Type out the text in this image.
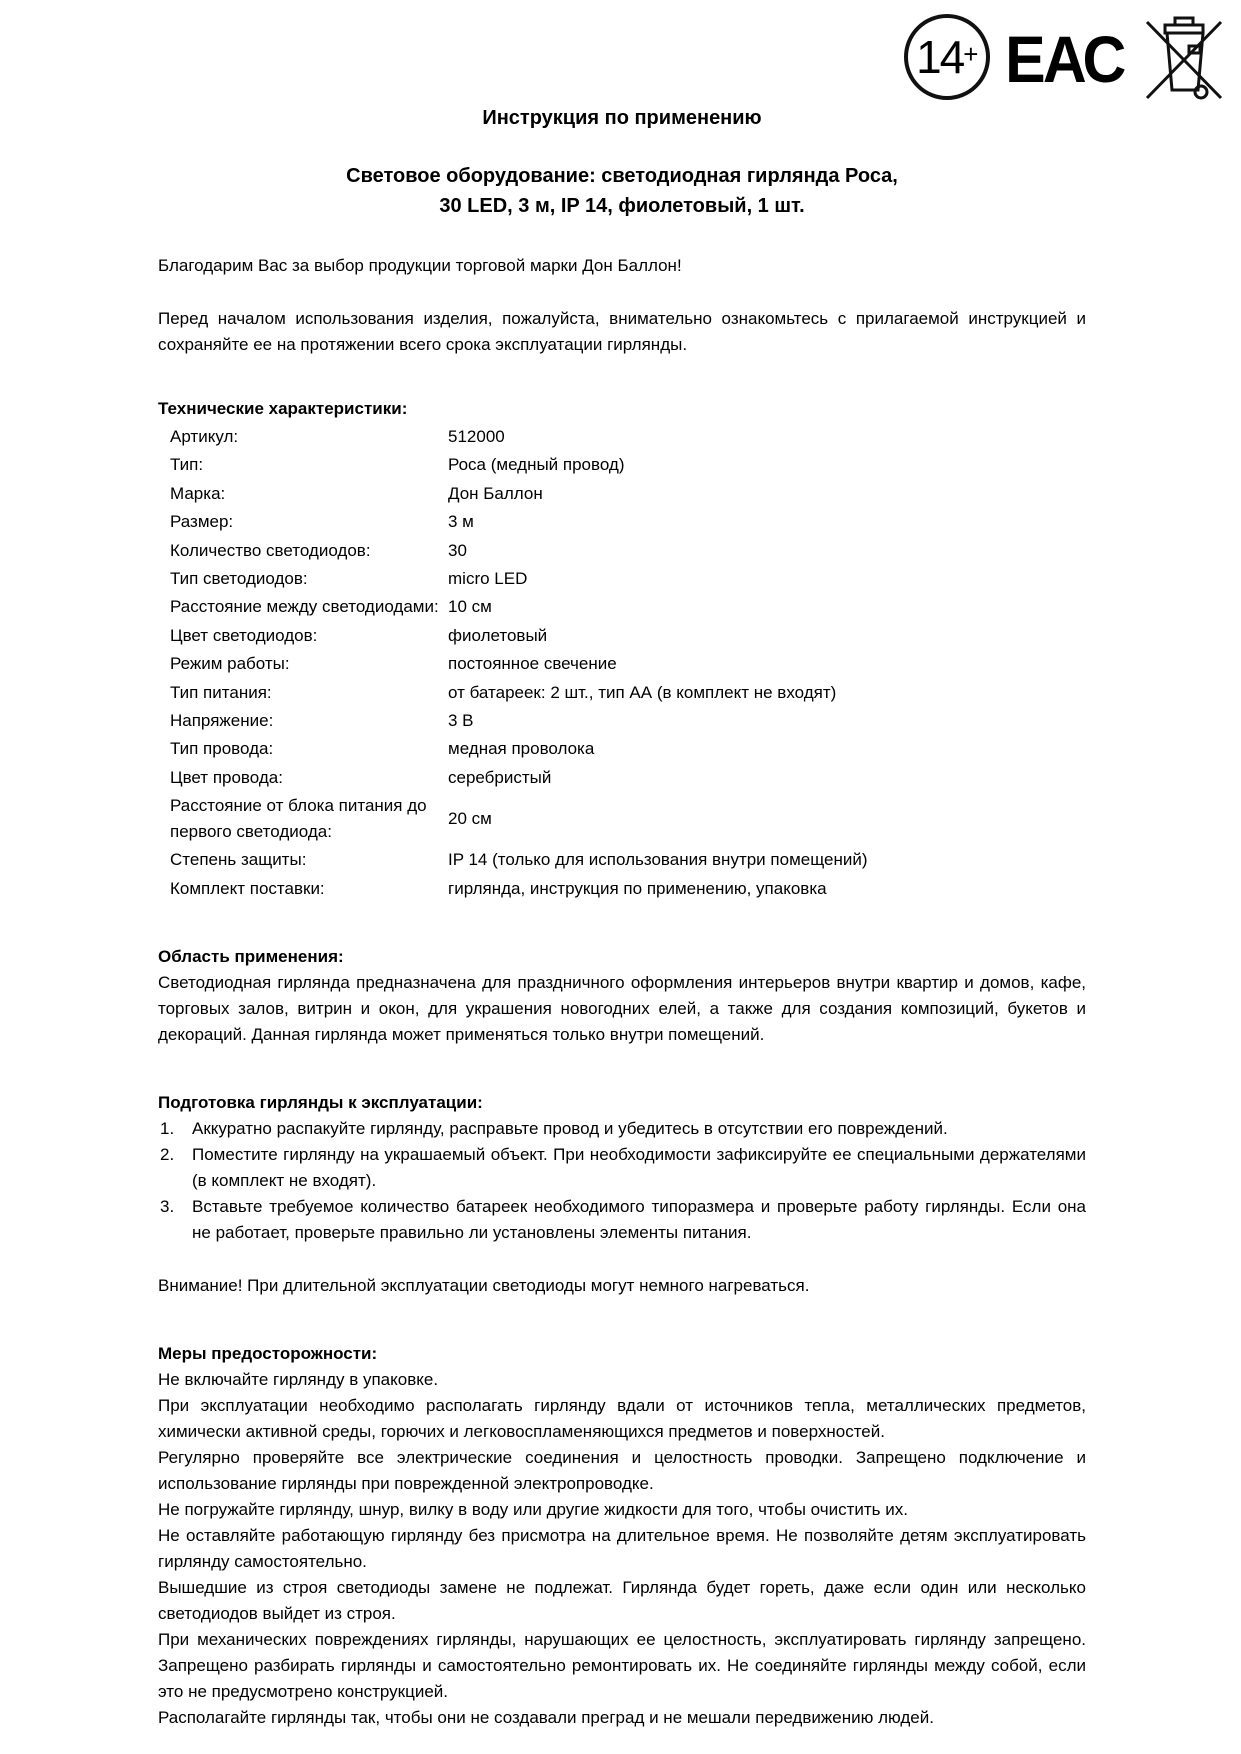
14 + ЕАС
Инструкция по применению
Световое оборудование: светодиодная гирлянда Роса,
30 LED, 3 м, IP 14, фиолетовый, 1 шт.

Благодарим Вас за выбор продукции торговой марки Дон Баллон!

Перед началом использования изделия, пожалуйста, внимательно ознакомьтесь с прилагаемой инструкцией и сохраняйте ее на протяжении всего срока эксплуатации гирлянды.

Технические характеристики:
Артикул:	512000
Тип:	Роса (медный провод)
Марка:	Дон Баллон
Размер:	3 м
Количество светодиодов:	30
Тип светодиодов:	micro LED
Расстояние между светодиодами: 10 см
Цвет светодиодов:	фиолетовый
Режим работы:	постоянное свечение
Тип питания:	от батареек: 2 шт., тип АА (в комплект не входят)
Напряжение:	3 В
Тип провода:	медная проволока
Цвет провода:	серебристый
Расстояние от блока питания до первого светодиода:
20 см
Степень защиты:	IP 14 (только для использования внутри помещений)
Комплект поставки:	гирлянда, инструкция по применению, упаковка
Область применения:

Светодиодная гирлянда предназначена для праздничного оформления интерьеров внутри квартир и домов, кафе, торговых залов, витрин и окон, для украшения новогодних елей, а также для создания композиций, букетов и декораций. Данная гирлянда может применяться только внутри помещений.

Подготовка гирлянды к эксплуатации:
Аккуратно распакуйте гирлянду, расправьте провод и убедитесь в отсутствии его повреждений.
Поместите гирлянду на украшаемый объект. При необходимости зафиксируйте ее специальными держателями (в комплект не входят).
Вставьте требуемое количество батареек необходимого типоразмера и проверьте работу гирлянды. Если она не работает, проверьте правильно ли установлены элементы питания.

Внимание! При длительной эксплуатации светодиоды могут немного нагреваться.

Меры предосторожности:

Не включайте гирлянду в упаковке.

При эксплуатации необходимо располагать гирлянду вдали от источников тепла, металлических предметов, химически активной среды, горючих и легковоспламеняющихся предметов и поверхностей.

Регулярно проверяйте все электрические соединения и целостность проводки. Запрещено подключение и использование гирлянды при поврежденной электропроводке.

Не погружайте гирлянду, шнур, вилку в воду или другие жидкости для того, чтобы очистить их.

Не оставляйте работающую гирлянду без присмотра на длительное время. Не позволяйте детям эксплуатировать гирлянду самостоятельно.

Вышедшие из строя светодиоды замене не подлежат. Гирлянда будет гореть, даже если один или несколько светодиодов выйдет из строя.

При механических повреждениях гирлянды, нарушающих ее целостность, эксплуатировать гирлянду запрещено. Запрещено разбирать гирлянды и самостоятельно ремонтировать их. Не соединяйте гирлянды между собой, если это не предусмотрено конструкцией.

Располагайте гирлянды так, чтобы они не создавали преград и не мешали передвижению людей.
